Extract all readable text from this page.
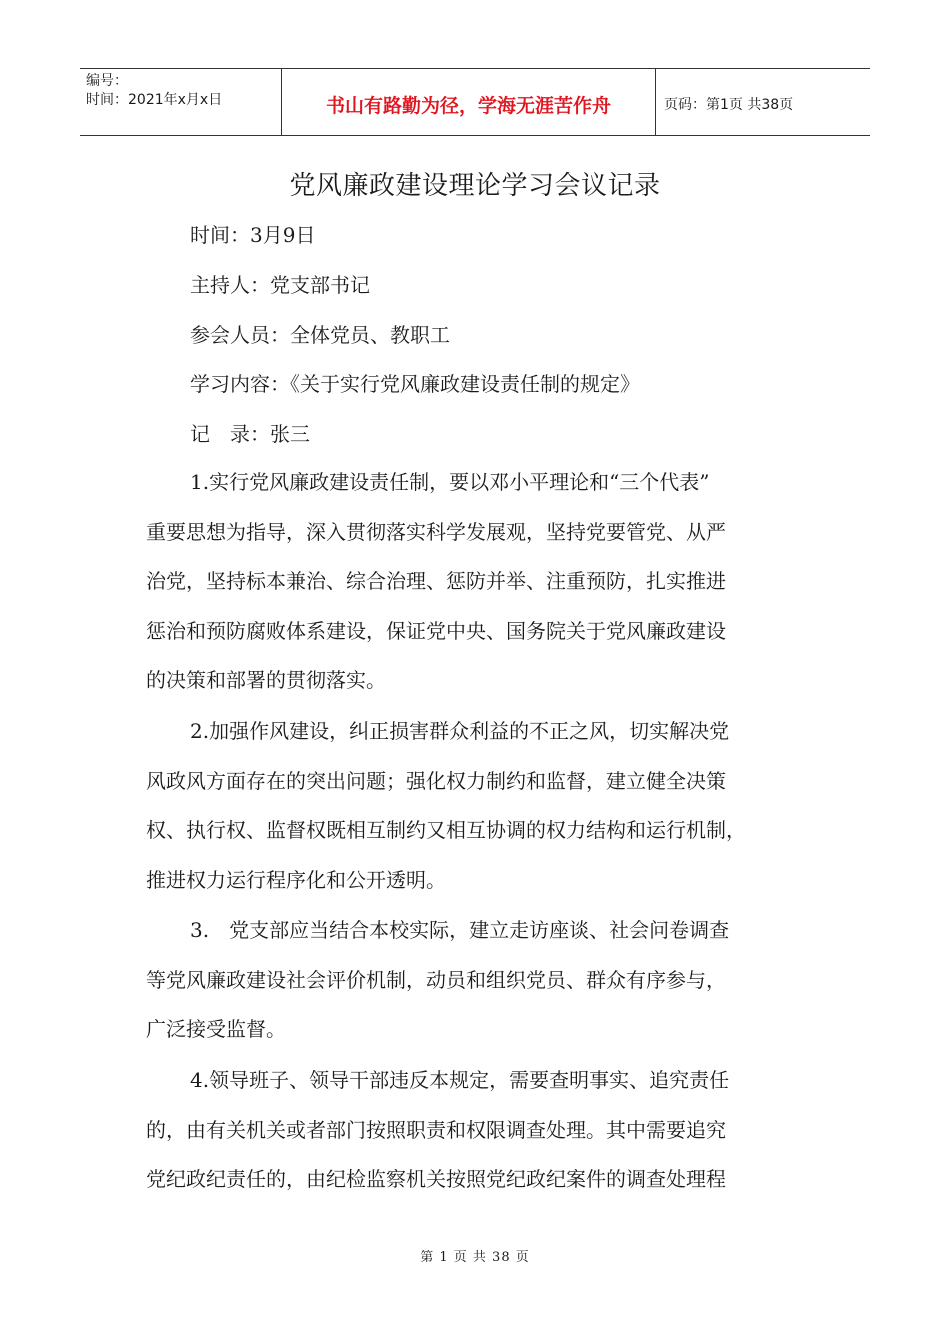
编号：
时间：2021年x月x日	书山有路勤为径，学海无涯苦作舟	页码：第1页 共38页
党风廉政建设理论学习会议记录
时间：3月9日
主持人：党支部书记
参会人员：全体党员、教职工
学习内容：《关于实行党风廉政建设责任制的规定》
记　录：张三
1.实行党风廉政建设责任制，要以邓小平理论和“三个代表”
重要思想为指导，深入贯彻落实科学发展观，坚持党要管党、从严
治党，坚持标本兼治、综合治理、惩防并举、注重预防，扎实推进
惩治和预防腐败体系建设，保证党中央、国务院关于党风廉政建设
的决策和部署的贯彻落实。
2.加强作风建设，纠正损害群众利益的不正之风，切实解决党
风政风方面存在的突出问题；强化权力制约和监督，建立健全决策
权、执行权、监督权既相互制约又相互协调的权力结构和运行机制，
推进权力运行程序化和公开透明。
3.　党支部应当结合本校实际，建立走访座谈、社会问卷调查
等党风廉政建设社会评价机制，动员和组织党员、群众有序参与，
广泛接受监督。
4.领导班子、领导干部违反本规定，需要查明事实、追究责任
的，由有关机关或者部门按照职责和权限调查处理。其中需要追究
党纪政纪责任的，由纪检监察机关按照党纪政纪案件的调查处理程
第 1 页 共 38 页
